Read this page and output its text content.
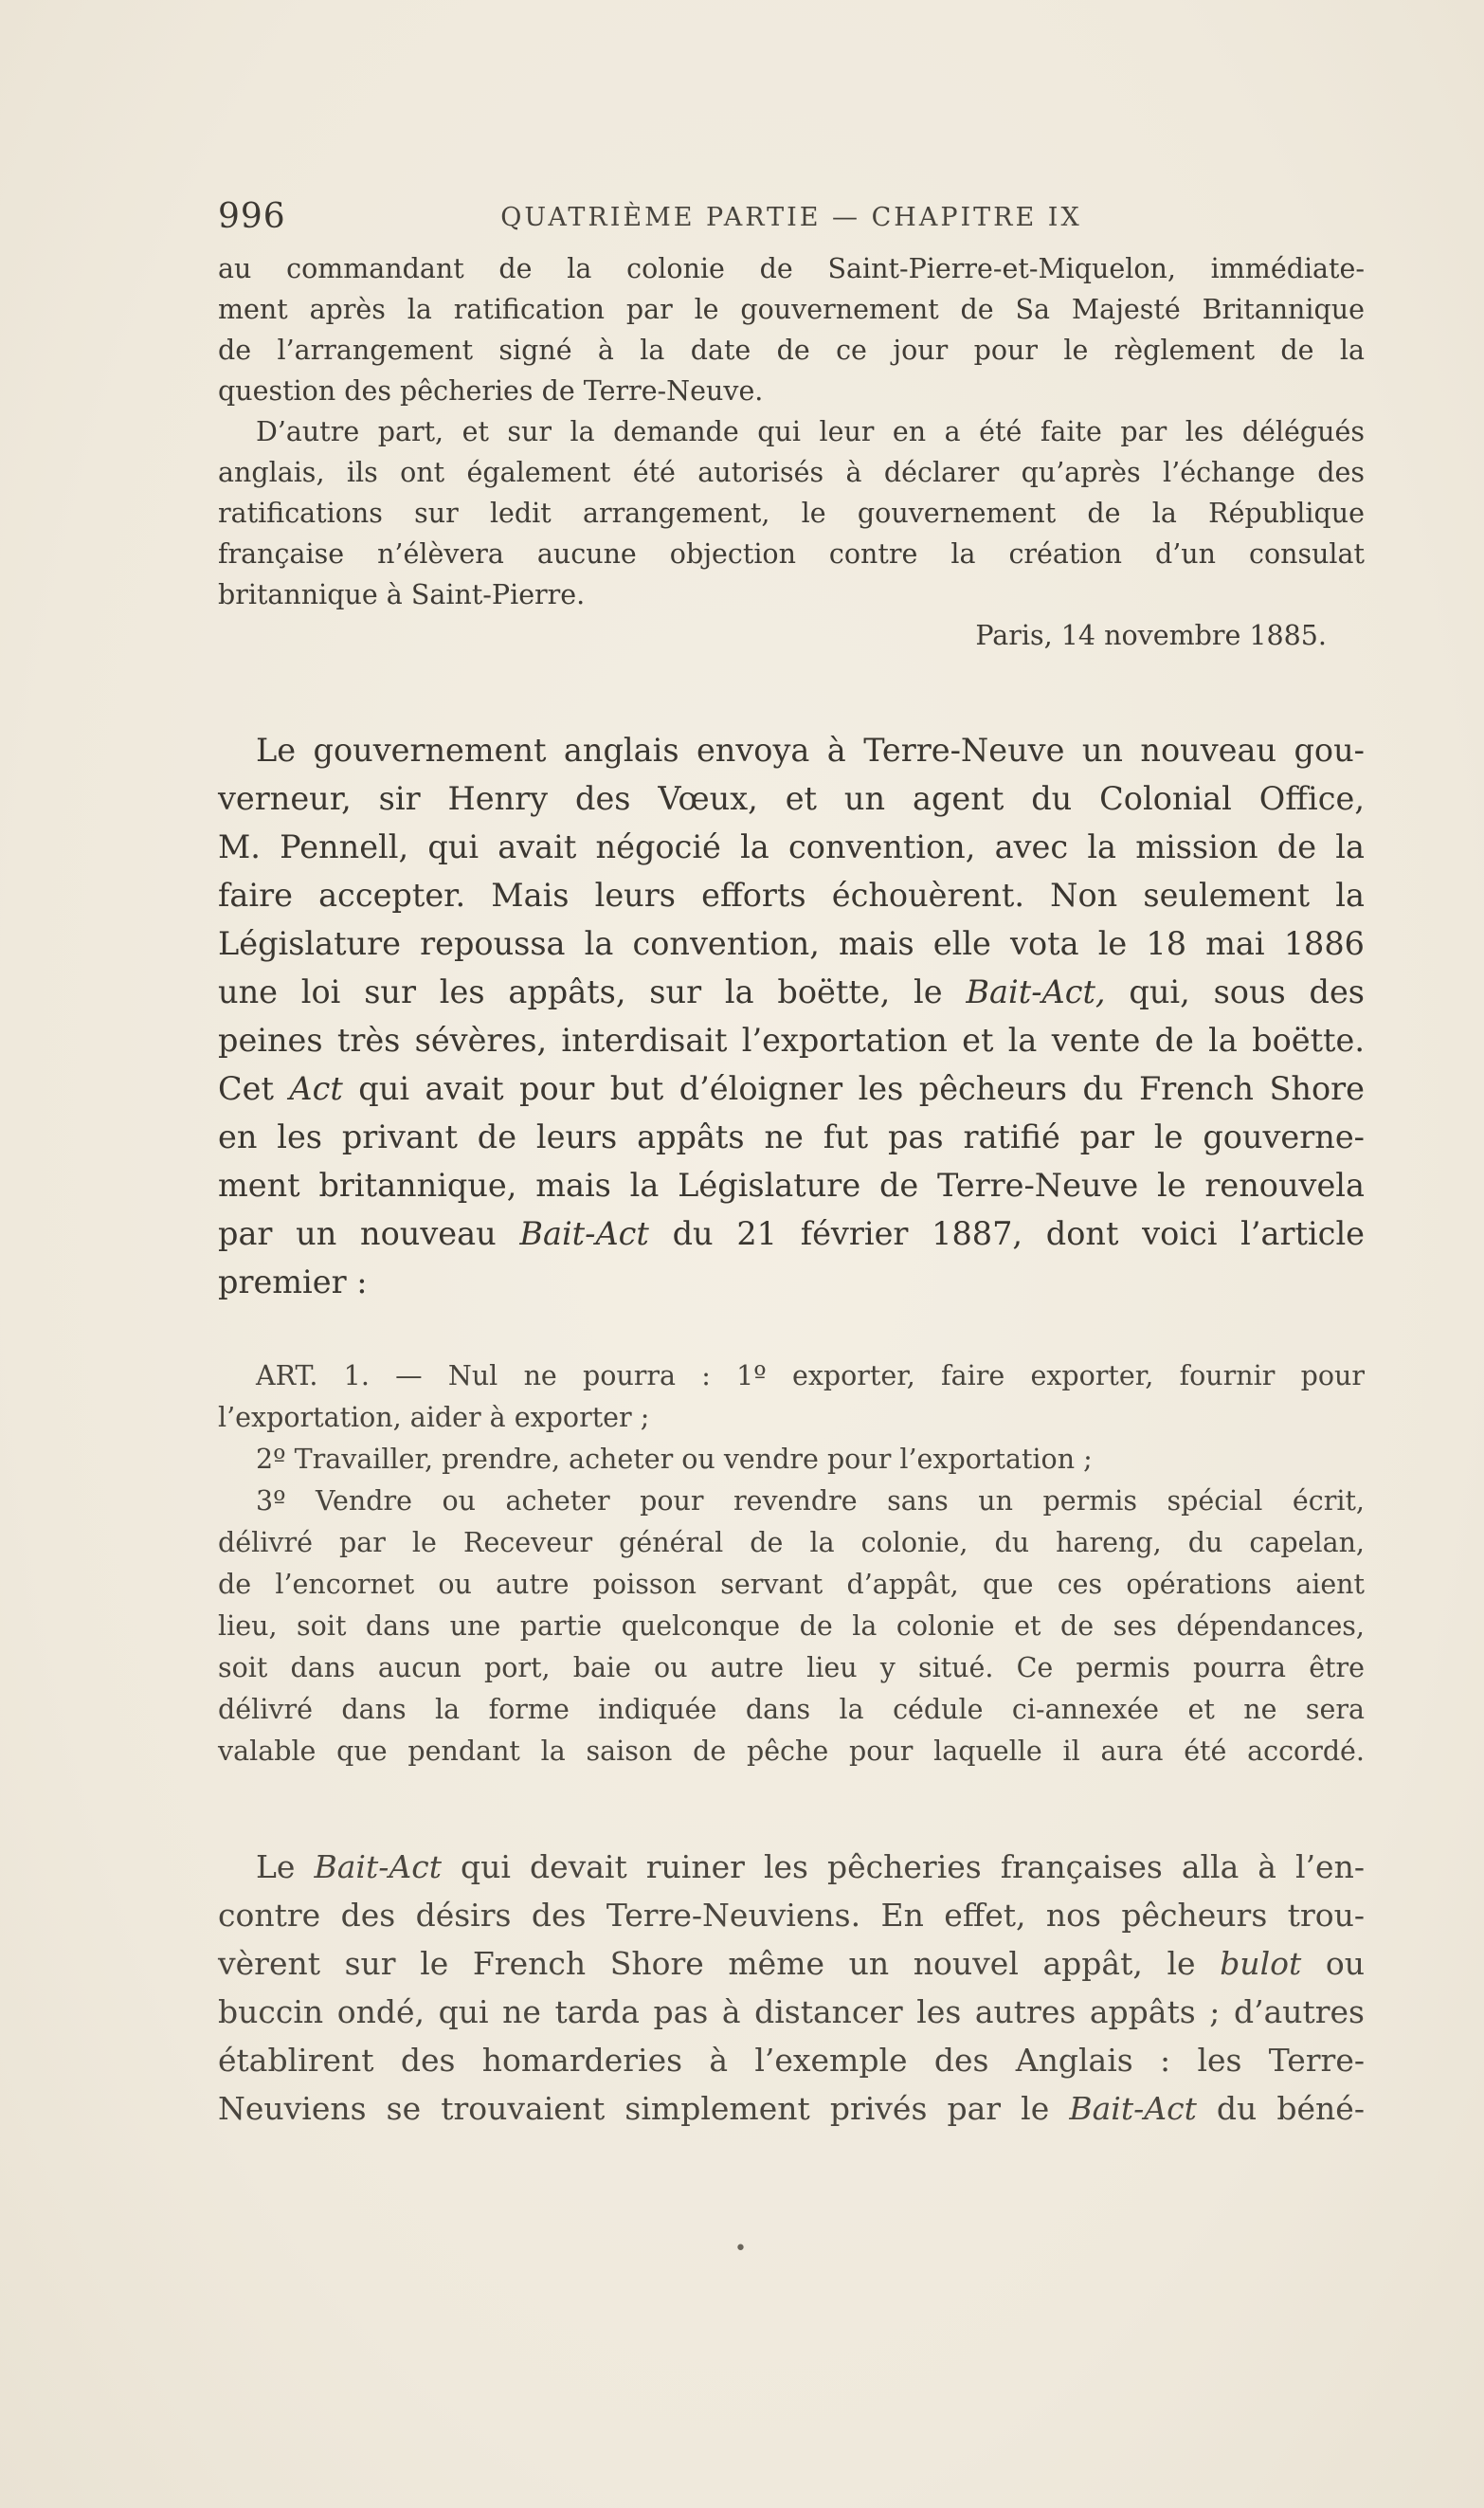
996	QUATRIÈME PARTIE — CHAPITRE IX
au commandant de la colonie de Saint-Pierre-et-Miquelon, immédiate-
ment après la ratification par le gouvernement de Sa Majesté Britannique
de l’arrangement signé à la date de ce jour pour le règlement de la
question des pêcheries de Terre-Neuve.
D’autre part, et sur la demande qui leur en a été faite par les délégués
anglais, ils ont également été autorisés à déclarer qu’après l’échange des
ratifications sur ledit arrangement, le gouvernement de la République
française n’élèvera aucune objection contre la création d’un consulat
britannique à Saint-Pierre.
Paris, 14 novembre 1885.
Le gouvernement anglais envoya à Terre-Neuve un nouveau gou-
verneur, sir Henry des Vœux, et un agent du Colonial Office,
M. Pennell, qui avait négocié la convention, avec la mission de la
faire accepter. Mais leurs efforts échouèrent. Non seulement la
Législature repoussa la convention, mais elle vota le 18 mai 1886
une loi sur les appâts, sur la boëtte, le Bait-Act, qui, sous des
peines très sévères, interdisait l’exportation et la vente de la boëtte.
Cet Act qui avait pour but d’éloigner les pêcheurs du French Shore
en les privant de leurs appâts ne fut pas ratifié par le gouverne-
ment britannique, mais la Législature de Terre-Neuve le renouvela
par un nouveau Bait-Act du 21 février 1887, dont voici l’article
premier :
ART. 1. — Nul ne pourra : 1º exporter, faire exporter, fournir pour
l’exportation, aider à exporter ;
2º Travailler, prendre, acheter ou vendre pour l’exportation ;
3º Vendre ou acheter pour revendre sans un permis spécial écrit,
délivré par le Receveur général de la colonie, du hareng, du capelan,
de l’encornet ou autre poisson servant d’appât, que ces opérations aient
lieu, soit dans une partie quelconque de la colonie et de ses dépendances,
soit dans aucun port, baie ou autre lieu y situé. Ce permis pourra être
délivré dans la forme indiquée dans la cédule ci-annexée et ne sera
valable que pendant la saison de pêche pour laquelle il aura été accordé.
Le Bait-Act qui devait ruiner les pêcheries françaises alla à l’en-
contre des désirs des Terre-Neuviens. En effet, nos pêcheurs trou-
vèrent sur le French Shore même un nouvel appât, le bulot ou
buccin ondé, qui ne tarda pas à distancer les autres appâts ; d’autres
établirent des homarderies à l’exemple des Anglais : les Terre-
Neuviens se trouvaient simplement privés par le Bait-Act du béné-
•
